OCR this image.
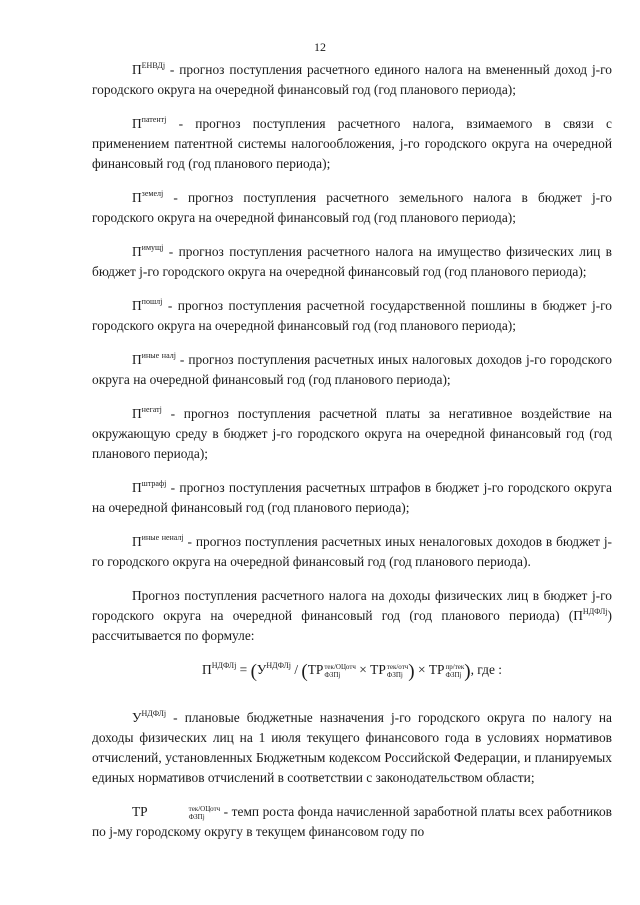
12

$П^{ЕНВДj}$ - прогноз поступления расчетного единого налога на вмененный доход j-го городского округа на очередной финансовый год (год планового периода);

$П^{патентj}$ - прогноз поступления расчетного налога, взимаемого в связи с применением патентной системы налогообложения, j-го городского округа на очередной финансовый год (год планового периода);

$П^{земелj}$ - прогноз поступления расчетного земельного налога в бюджет j-го городского округа на очередной финансовый год (год планового периода);

$П^{имущj}$ - прогноз поступления расчетного налога на имущество физических лиц в бюджет j-го городского округа на очередной финансовый год (год планового периода);

$П^{пошлj}$ - прогноз поступления расчетной государственной пошлины в бюджет j-го городского округа на очередной финансовый год (год планового периода);

$П^{иные налj}$ - прогноз поступления расчетных иных налоговых доходов j-го городского округа на очередной финансовый год (год планового периода);

$П^{негатj}$ - прогноз поступления расчетной платы за негативное воздействие на окружающую среду в бюджет j-го городского округа на очередной финансовый год (год планового периода);

$П^{штрафj}$ - прогноз поступления расчетных штрафов в бюджет j-го городского округа на очередной финансовый год (год планового периода);

$П^{иные неналj}$ - прогноз поступления расчетных иных неналоговых доходов в бюджет j-го городского округа на очередной финансовый год (год планового периода).

Прогноз поступления расчетного налога на доходы физических лиц в бюджет j-го городского округа на очередной финансовый год (год планового периода) $(П^{НДФЛj})$ рассчитывается по формуле:

$П^{НДФЛj} = (У^{НДФЛj} / (ТР$ тек/ОЦотч
ФЗПj	× ТР тек/отч
ФЗПj ) × ТР пр/тек
ФЗПj ), где :

$У^{НДФЛj}$ - плановые бюджетные назначения j-го городского округа по налогу на доходы физических лиц на 1 июля текущего финансового года в условиях нормативов отчислений, установленных Бюджетным кодексом Российской Федерации, и планируемых единых нормативов отчислений в соответствии с законодательством области;

ТР	тек/ОЦотч
ФЗПj	- темп роста фонда начисленной заработной платы всех работников по j-му городскому округу в текущем финансовом году по
